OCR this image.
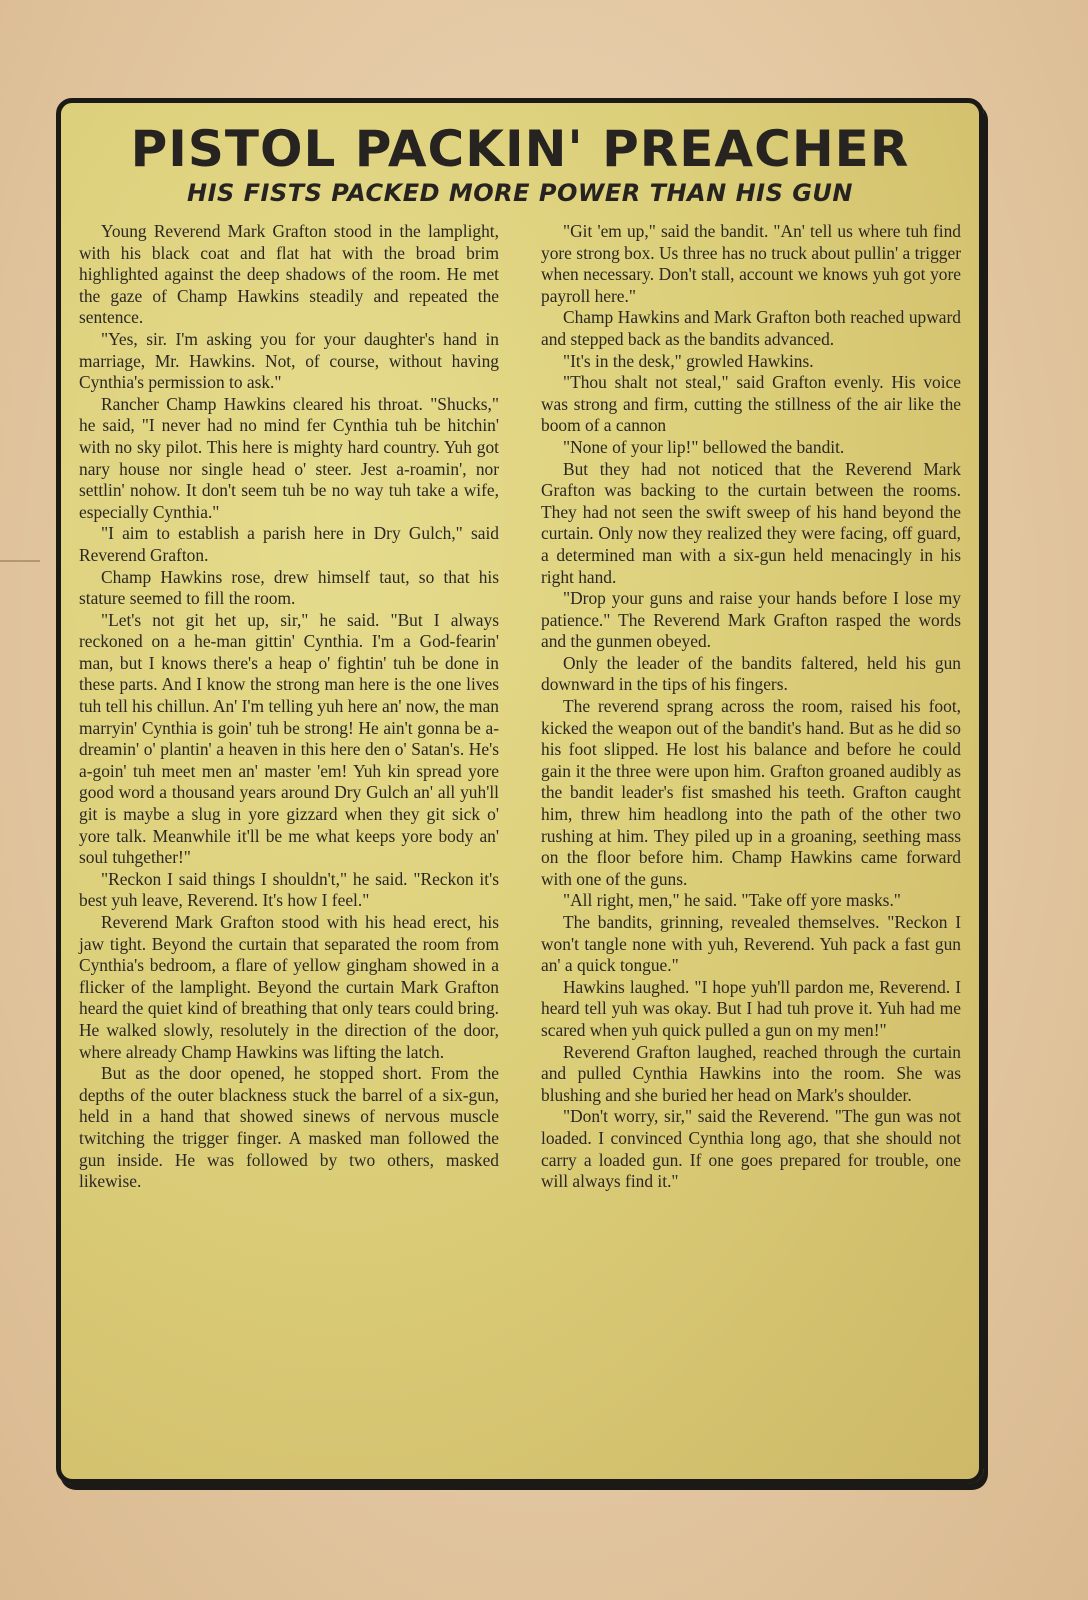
PISTOL PACKIN' PREACHER
HIS FISTS PACKED MORE POWER THAN HIS GUN

Young Reverend Mark Grafton stood in the lamplight, with his black coat and flat hat with the broad brim highlighted against the deep shadows of the room. He met the gaze of Champ Hawkins steadily and repeated the sentence.

"Yes, sir. I'm asking you for your daughter's hand in marriage, Mr. Hawkins. Not, of course, without having Cynthia's permission to ask."

Rancher Champ Hawkins cleared his throat. "Shucks," he said, "I never had no mind fer Cynthia tuh be hitchin' with no sky pilot. This here is mighty hard country. Yuh got nary house nor single head o' steer. Jest a-roamin', nor settlin' nohow. It don't seem tuh be no way tuh take a wife, especially Cynthia."

"I aim to establish a parish here in Dry Gulch," said Reverend Grafton.

Champ Hawkins rose, drew himself taut, so that his stature seemed to fill the room.

"Let's not git het up, sir," he said. "But I always reckoned on a he-man gittin' Cynthia. I'm a God-fearin' man, but I knows there's a heap o' fightin' tuh be done in these parts. And I know the strong man here is the one lives tuh tell his chillun. An' I'm telling yuh here an' now, the man marryin' Cynthia is goin' tuh be strong! He ain't gonna be a-dreamin' o' plantin' a heaven in this here den o' Satan's. He's a-goin' tuh meet men an' master 'em! Yuh kin spread yore good word a thousand years around Dry Gulch an' all yuh'll git is maybe a slug in yore gizzard when they git sick o' yore talk. Meanwhile it'll be me what keeps yore body an' soul tuhgether!"

"Reckon I said things I shouldn't," he said. "Reckon it's best yuh leave, Reverend. It's how I feel."

Reverend Mark Grafton stood with his head erect, his jaw tight. Beyond the curtain that separated the room from Cynthia's bedroom, a flare of yellow gingham showed in a flicker of the lamplight. Beyond the curtain Mark Grafton heard the quiet kind of breathing that only tears could bring. He walked slowly, resolutely in the direction of the door, where already Champ Hawkins was lifting the latch.

But as the door opened, he stopped short. From the depths of the outer blackness stuck the barrel of a six-gun, held in a hand that showed sinews of nervous muscle twitching the trigger finger. A masked man followed the gun inside. He was followed by two others, masked likewise.

"Git 'em up," said the bandit. "An' tell us where tuh find yore strong box. Us three has no truck about pullin' a trigger when necessary. Don't stall, account we knows yuh got yore payroll here."

Champ Hawkins and Mark Grafton both reached upward and stepped back as the bandits advanced.

"It's in the desk," growled Hawkins.

"Thou shalt not steal," said Grafton evenly. His voice was strong and firm, cutting the stillness of the air like the boom of a cannon

"None of your lip!" bellowed the bandit.

But they had not noticed that the Reverend Mark Grafton was backing to the curtain between the rooms. They had not seen the swift sweep of his hand beyond the curtain. Only now they realized they were facing, off guard, a determined man with a six-gun held menacingly in his right hand.

"Drop your guns and raise your hands before I lose my patience." The Reverend Mark Grafton rasped the words and the gunmen obeyed.

Only the leader of the bandits faltered, held his gun downward in the tips of his fingers.

The reverend sprang across the room, raised his foot, kicked the weapon out of the bandit's hand. But as he did so his foot slipped. He lost his balance and before he could gain it the three were upon him. Grafton groaned audibly as the bandit leader's fist smashed his teeth. Grafton caught him, threw him headlong into the path of the other two rushing at him. They piled up in a groaning, seething mass on the floor before him. Champ Hawkins came forward with one of the guns.

"All right, men," he said. "Take off yore masks."

The bandits, grinning, revealed themselves. "Reckon I won't tangle none with yuh, Reverend. Yuh pack a fast gun an' a quick tongue."

Hawkins laughed. "I hope yuh'll pardon me, Reverend. I heard tell yuh was okay. But I had tuh prove it. Yuh had me scared when yuh quick pulled a gun on my men!"

Reverend Grafton laughed, reached through the curtain and pulled Cynthia Hawkins into the room. She was blushing and she buried her head on Mark's shoulder.

"Don't worry, sir," said the Reverend. "The gun was not loaded. I convinced Cynthia long ago, that she should not carry a loaded gun. If one goes prepared for trouble, one will always find it."
